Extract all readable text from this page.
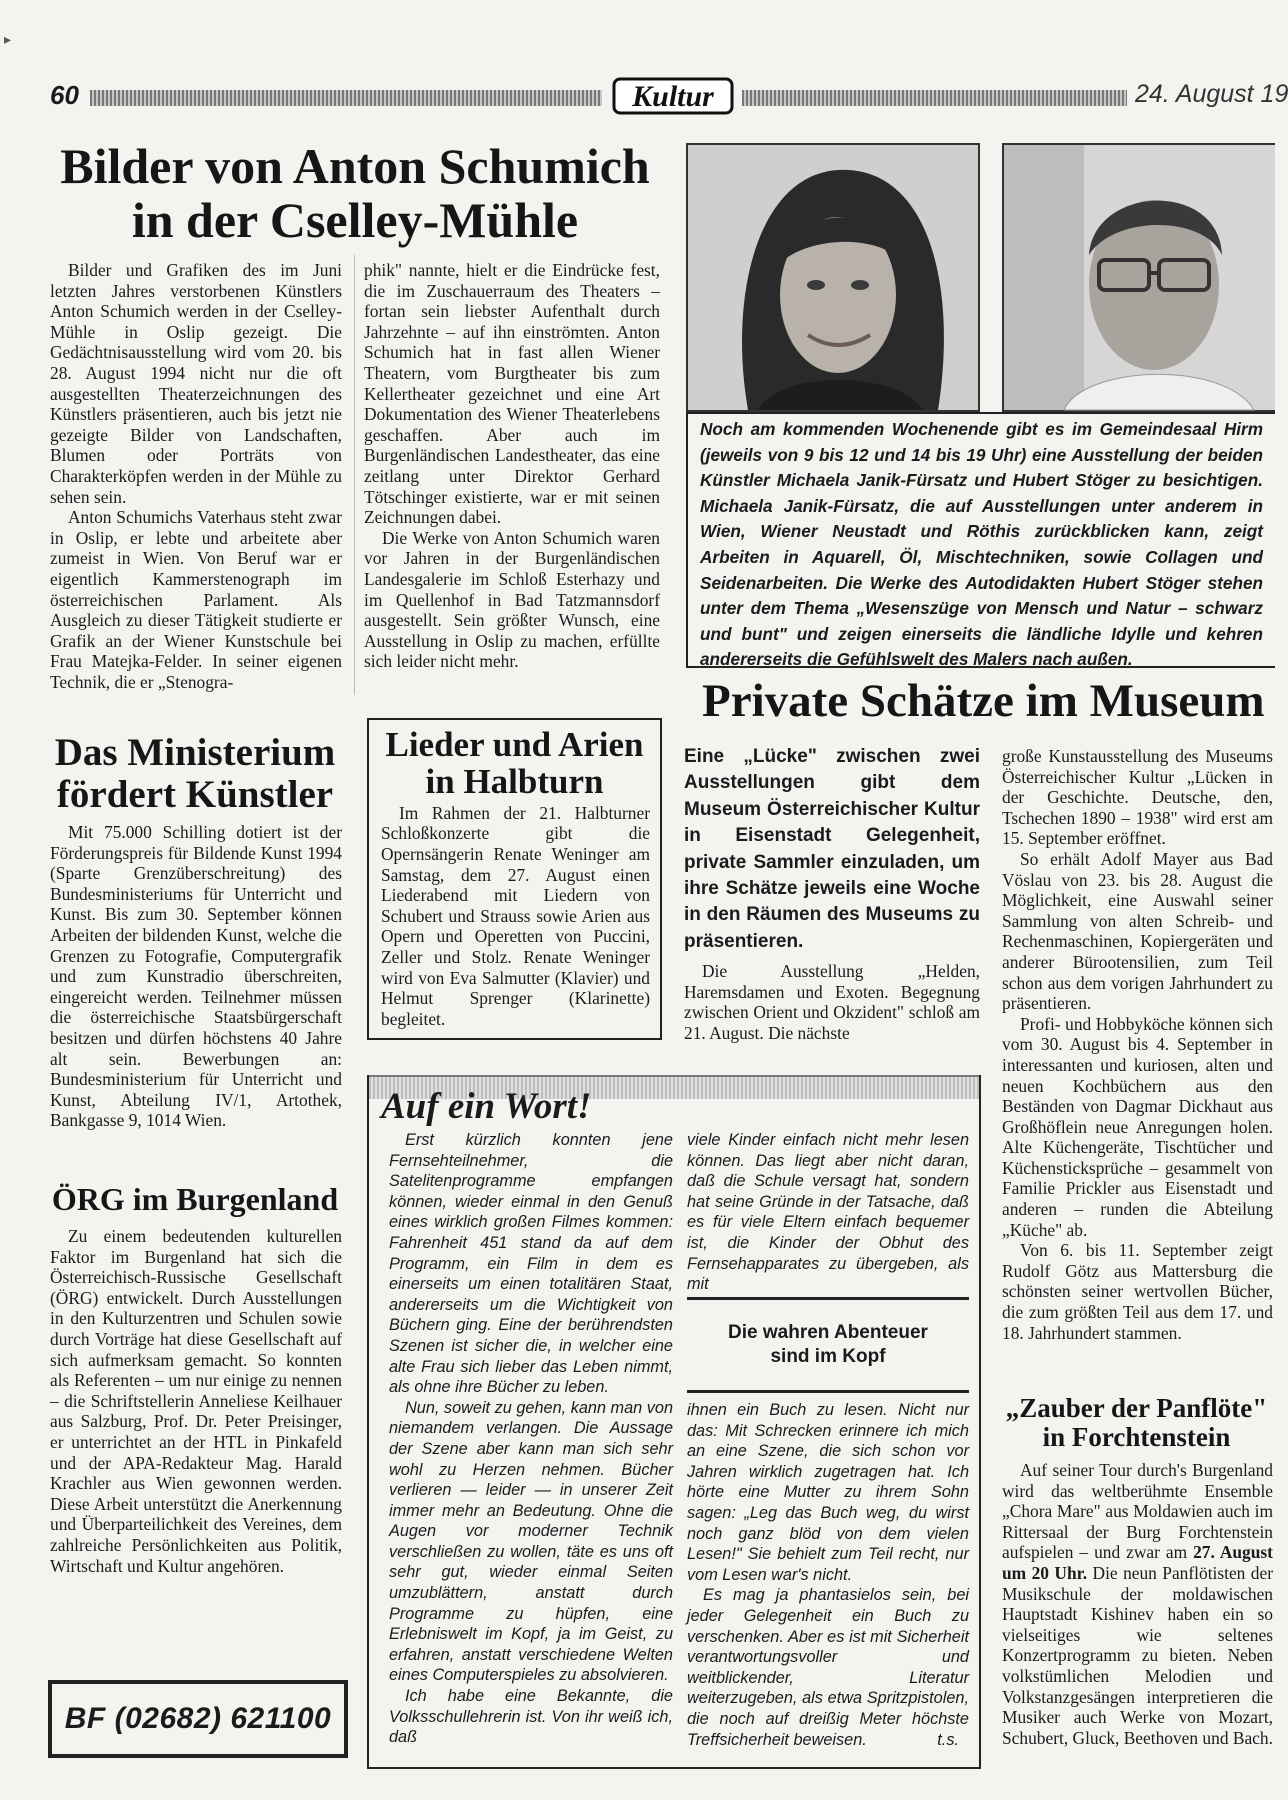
▸
60	Kultur	24. August 19
Bilder von Anton Schumich
in der Cselley-Mühle

Bilder und Grafiken des im Juni letzten Jahres verstorbenen Künstlers Anton Schumich werden in der Cselley-Mühle in Oslip gezeigt. Die Gedächtnisausstellung wird vom 20. bis 28. August 1994 nicht nur die oft ausgestellten Theaterzeichnungen des Künstlers präsentieren, auch bis jetzt nie gezeigte Bilder von Landschaften, Blumen oder Porträts von Charakterköpfen werden in der Mühle zu sehen sein.

Anton Schumichs Vaterhaus steht zwar in Oslip, er lebte und arbeitete aber zumeist in Wien. Von Beruf war er eigentlich Kammerstenograph im österreichischen Parlament. Als Ausgleich zu dieser Tätigkeit studierte er Grafik an der Wiener Kunstschule bei Frau Matejka-Felder. In seiner eigenen Technik, die er „Stenogra-

phik" nannte, hielt er die Eindrücke fest, die im Zuschauerraum des Theaters – fortan sein liebster Aufenthalt durch Jahrzehnte – auf ihn einströmten. Anton Schumich hat in fast allen Wiener Theatern, vom Burgtheater bis zum Kellertheater gezeichnet und eine Art Dokumentation des Wiener Theaterlebens geschaffen. Aber auch im Burgenländischen Landestheater, das eine zeitlang unter Direktor Gerhard Tötschinger existierte, war er mit seinen Zeichnungen dabei.

Die Werke von Anton Schumich waren vor Jahren in der Burgenländischen Landesgalerie im Schloß Esterhazy und im Quellenhof in Bad Tatzmannsdorf ausgestellt. Sein größter Wunsch, eine Ausstellung in Oslip zu machen, erfüllte sich leider nicht mehr.

Noch am kommenden Wochenende gibt es im Gemeindesaal Hirm (jeweils von 9 bis 12 und 14 bis 19 Uhr) eine Ausstellung der beiden Künstler Michaela Janik-Fürsatz und Hubert Stöger zu besichtigen. Michaela Janik-Fürsatz, die auf Ausstellungen unter anderem in Wien, Wiener Neustadt und Röthis zurückblicken kann, zeigt Arbeiten in Aquarell, Öl, Mischtechniken, sowie Collagen und Seidenarbeiten. Die Werke des Autodidakten Hubert Stöger stehen unter dem Thema „Wesenszüge von Mensch und Natur – schwarz und bunt" und zeigen einerseits die ländliche Idylle und kehren andererseits die Gefühlswelt des Malers nach außen.
Das Ministerium
fördert Künstler

Mit 75.000 Schilling dotiert ist der Förderungspreis für Bildende Kunst 1994 (Sparte Grenzüberschreitung) des Bundesministeriums für Unterricht und Kunst. Bis zum 30. September können Arbeiten der bildenden Kunst, welche die Grenzen zu Fotografie, Computergrafik und zum Kunstradio überschreiten, eingereicht werden. Teilnehmer müssen die österreichische Staatsbürgerschaft besitzen und dürfen höchstens 40 Jahre alt sein. Bewerbungen an: Bundesministerium für Unterricht und Kunst, Abteilung IV/1, Artothek, Bankgasse 9, 1014 Wien.

ÖRG im Burgenland

Zu einem bedeutenden kulturellen Faktor im Burgenland hat sich die Österreichisch-Russische Gesellschaft (ÖRG) entwickelt. Durch Ausstellungen in den Kulturzentren und Schulen sowie durch Vorträge hat diese Gesellschaft auf sich aufmerksam gemacht. So konnten als Referenten – um nur einige zu nennen – die Schriftstellerin Anneliese Keilhauer aus Salzburg, Prof. Dr. Peter Preisinger, er unterrichtet an der HTL in Pinkafeld und der APA-Redakteur Mag. Harald Krachler aus Wien gewonnen werden. Diese Arbeit unterstützt die Anerkennung und Überparteilichkeit des Vereines, dem zahlreiche Persönlichkeiten aus Politik, Wirtschaft und Kultur angehören.

BF (02682) 621100
Lieder und Arien
in Halbturn

Im Rahmen der 21. Halbturner Schloßkonzerte gibt die Opernsängerin Renate Weninger am Samstag, dem 27. August einen Liederabend mit Liedern von Schubert und Strauss sowie Arien aus Opern und Operetten von Puccini, Zeller und Stolz. Renate Weninger wird von Eva Salmutter (Klavier) und Helmut Sprenger (Klarinette) begleitet.

Private Schätze im Museum
Eine „Lücke" zwischen zwei Ausstellungen gibt dem Museum Österreichischer Kultur in Eisenstadt Gelegenheit, private Sammler einzuladen, um ihre Schätze jeweils eine Woche in den Räumen des Museums zu präsentieren.

Die Ausstellung „Helden, Haremsdamen und Exoten. Begegnung zwischen Orient und Okzident" schloß am 21. August. Die nächste

große Kunstausstellung des Museums Österreichischer Kultur „Lücken in der Geschichte. Deutsche, den, Tschechen 1890 – 1938" wird erst am 15. September eröffnet.

So erhält Adolf Mayer aus Bad Vöslau von 23. bis 28. August die Möglichkeit, eine Auswahl seiner Sammlung von alten Schreib- und Rechenmaschinen, Kopiergeräten und anderer Bürootensilien, zum Teil schon aus dem vorigen Jahrhundert zu präsentieren.

Profi- und Hobbyköche können sich vom 30. August bis 4. September in interessanten und kuriosen, alten und neuen Kochbüchern aus den Beständen von Dagmar Dickhaut aus Großhöflein neue Anregungen holen. Alte Küchengeräte, Tischtücher und Küchensticksprüche – gesammelt von Familie Prickler aus Eisenstadt und anderen – runden die Abteilung „Küche" ab.

Von 6. bis 11. September zeigt Rudolf Götz aus Mattersburg die schönsten seiner wertvollen Bücher, die zum größten Teil aus dem 17. und 18. Jahrhundert stammen.

„Zauber der Panflöte"
in Forchtenstein

Auf seiner Tour durch's Burgenland wird das weltberühmte Ensemble „Chora Mare" aus Moldawien auch im Rittersaal der Burg Forchtenstein aufspielen – und zwar am 27. August um 20 Uhr. Die neun Panflötisten der Musikschule der moldawischen Hauptstadt Kishinev haben ein so vielseitiges wie seltenes Konzertprogramm zu bieten. Neben volkstümlichen Melodien und Volkstanzgesängen interpretieren die Musiker auch Werke von Mozart, Schubert, Gluck, Beethoven und Bach.

Auf ein Wort!

Erst kürzlich konnten jene Fernsehteilnehmer, die Satelitenprogramme empfangen können, wieder einmal in den Genuß eines wirklich großen Filmes kommen: Fahrenheit 451 stand da auf dem Programm, ein Film in dem es einerseits um einen totalitären Staat, andererseits um die Wichtigkeit von Büchern ging. Eine der berührendsten Szenen ist sicher die, in welcher eine alte Frau sich lieber das Leben nimmt, als ohne ihre Bücher zu leben.

Nun, soweit zu gehen, kann man von niemandem verlangen. Die Aussage der Szene aber kann man sich sehr wohl zu Herzen nehmen. Bücher verlieren — leider — in unserer Zeit immer mehr an Bedeutung. Ohne die Augen vor moderner Technik verschließen zu wollen, täte es uns oft sehr gut, wieder einmal Seiten umzublättern, anstatt durch Programme zu hüpfen, eine Erlebniswelt im Kopf, ja im Geist, zu erfahren, anstatt verschiedene Welten eines Computerspieles zu absolvieren.

Ich habe eine Bekannte, die Volksschullehrerin ist. Von ihr weiß ich, daß

viele Kinder einfach nicht mehr lesen können. Das liegt aber nicht daran, daß die Schule versagt hat, sondern hat seine Gründe in der Tatsache, daß es für viele Eltern einfach bequemer ist, die Kinder der Obhut des Fernsehapparates zu übergeben, als mit

Die wahren Abenteuer
sind im Kopf

ihnen ein Buch zu lesen. Nicht nur das: Mit Schrecken erinnere ich mich an eine Szene, die sich schon vor Jahren wirklich zugetragen hat. Ich hörte eine Mutter zu ihrem Sohn sagen: „Leg das Buch weg, du wirst noch ganz blöd von dem vielen Lesen!" Sie behielt zum Teil recht, nur vom Lesen war's nicht.

Es mag ja phantasielos sein, bei jeder Gelegenheit ein Buch zu verschenken. Aber es ist mit Sicherheit verantwortungsvoller und weitblickender, Literatur weiterzugeben, als etwa Spritzpistolen, die noch auf dreißig Meter höchste Treffsicherheit beweisen.	t.s.
